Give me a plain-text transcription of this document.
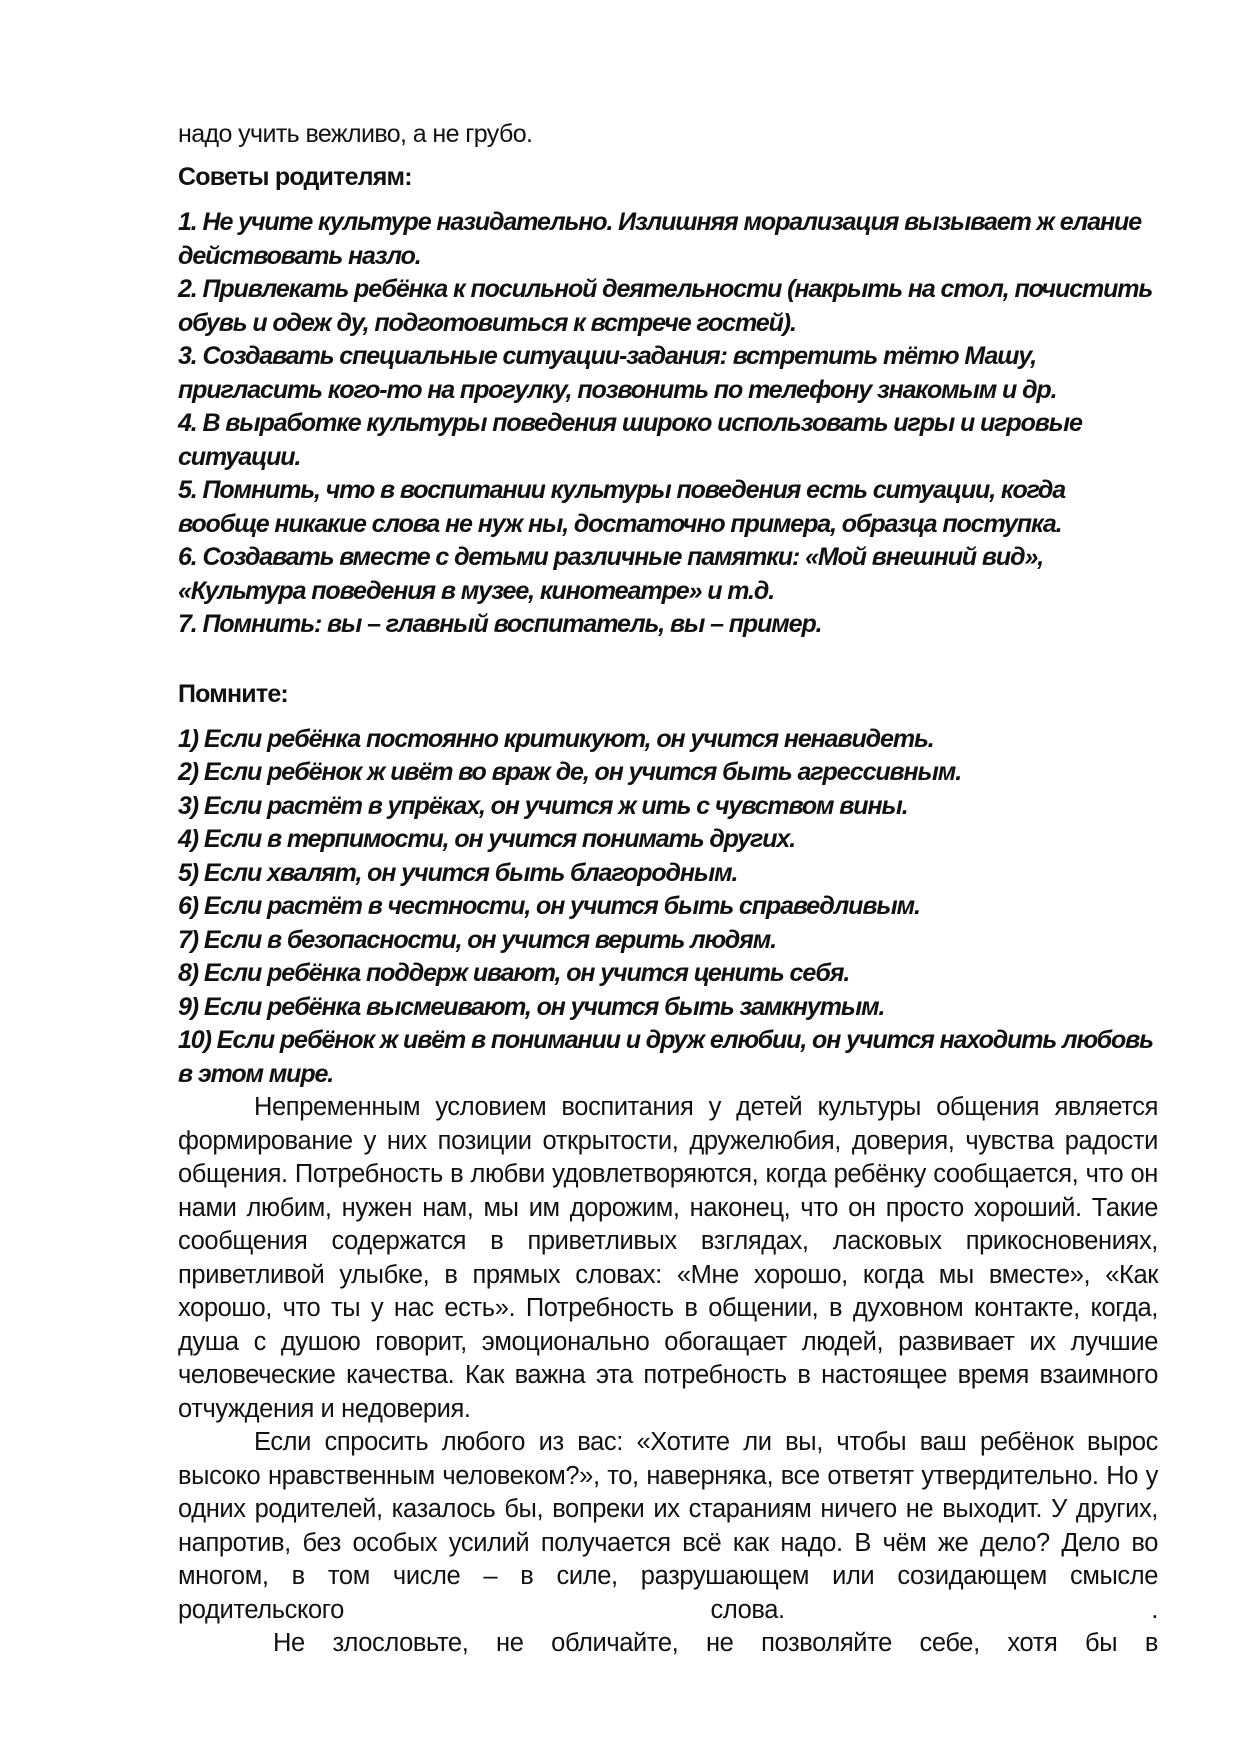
надо учить вежливо, а не грубо.

Советы родителям:
1. Не учите культуре назидательно. Излишняя морализация вызывает ж елание действовать назло.
2. Привлекать ребёнка к посильной деятельности (накрыть на стол, почистить обувь и одеж ду, подготовиться к встрече гостей).
3. Создавать специальные ситуации-задания: встретить тётю Машу, пригласить кого-то на прогулку, позвонить по телефону знакомым и др.
4. В выработке культуры поведения широко использовать игры и игровые ситуации.
5. Помнить, что в воспитании культуры поведения есть ситуации, когда вообще никакие слова не нуж ны, достаточно примера, образца поступка.
6. Создавать вместе с детьми различные памятки: «Мой внешний вид», «Культура поведения в музее, кинотеатре» и т.д.
7. Помнить: вы – главный воспитатель, вы – пример.
Помните:
1) Если ребёнка постоянно критикуют, он учится ненавидеть.
2) Если ребёнок ж ивёт во враж де, он учится быть агрессивным.
3) Если растёт в упрёках, он учится ж ить с чувством вины.
4) Если в терпимости, он учится понимать других.
5) Если хвалят, он учится быть благородным.
6) Если растёт в честности, он учится быть справедливым.
7) Если в безопасности, он учится верить людям.
8) Если ребёнка поддерж ивают, он учится ценить себя.
9) Если ребёнка высмеивают, он учится быть замкнутым.
10) Если ребёнок ж ивёт в понимании и друж елюбии, он учится находить любовь в этом мире.

Непременным условием воспитания у детей культуры общения является формирование у них позиции открытости, дружелюбия, доверия, чувства радости общения. Потребность в любви удовлетворяются, когда ребёнку сообщается, что он нами любим, нужен нам, мы им дорожим, наконец, что он просто хороший. Такие сообщения содержатся в приветливых взглядах, ласковых прикосновениях, приветливой улыбке, в прямых словах: «Мне хорошо, когда мы вместе», «Как хорошо, что ты у нас есть». Потребность в общении, в духовном контакте, когда, душа с душою говорит, эмоционально обогащает людей, развивает их лучшие человеческие качества. Как важна эта потребность в настоящее время взаимного отчуждения и недоверия.

Если спросить любого из вас: «Хотите ли вы, чтобы ваш ребёнок вырос высоко нравственным человеком?», то, наверняка, все ответят утвердительно. Но у одних родителей, казалось бы, вопреки их стараниям ничего не выходит. У других, напротив, без особых усилий получается всё как надо. В чём же дело? Дело во многом, в том числе – в силе, разрушающем или созидающем смысле родительского слова. .

Не злословьте, не обличайте, не позволяйте себе, хотя бы в
